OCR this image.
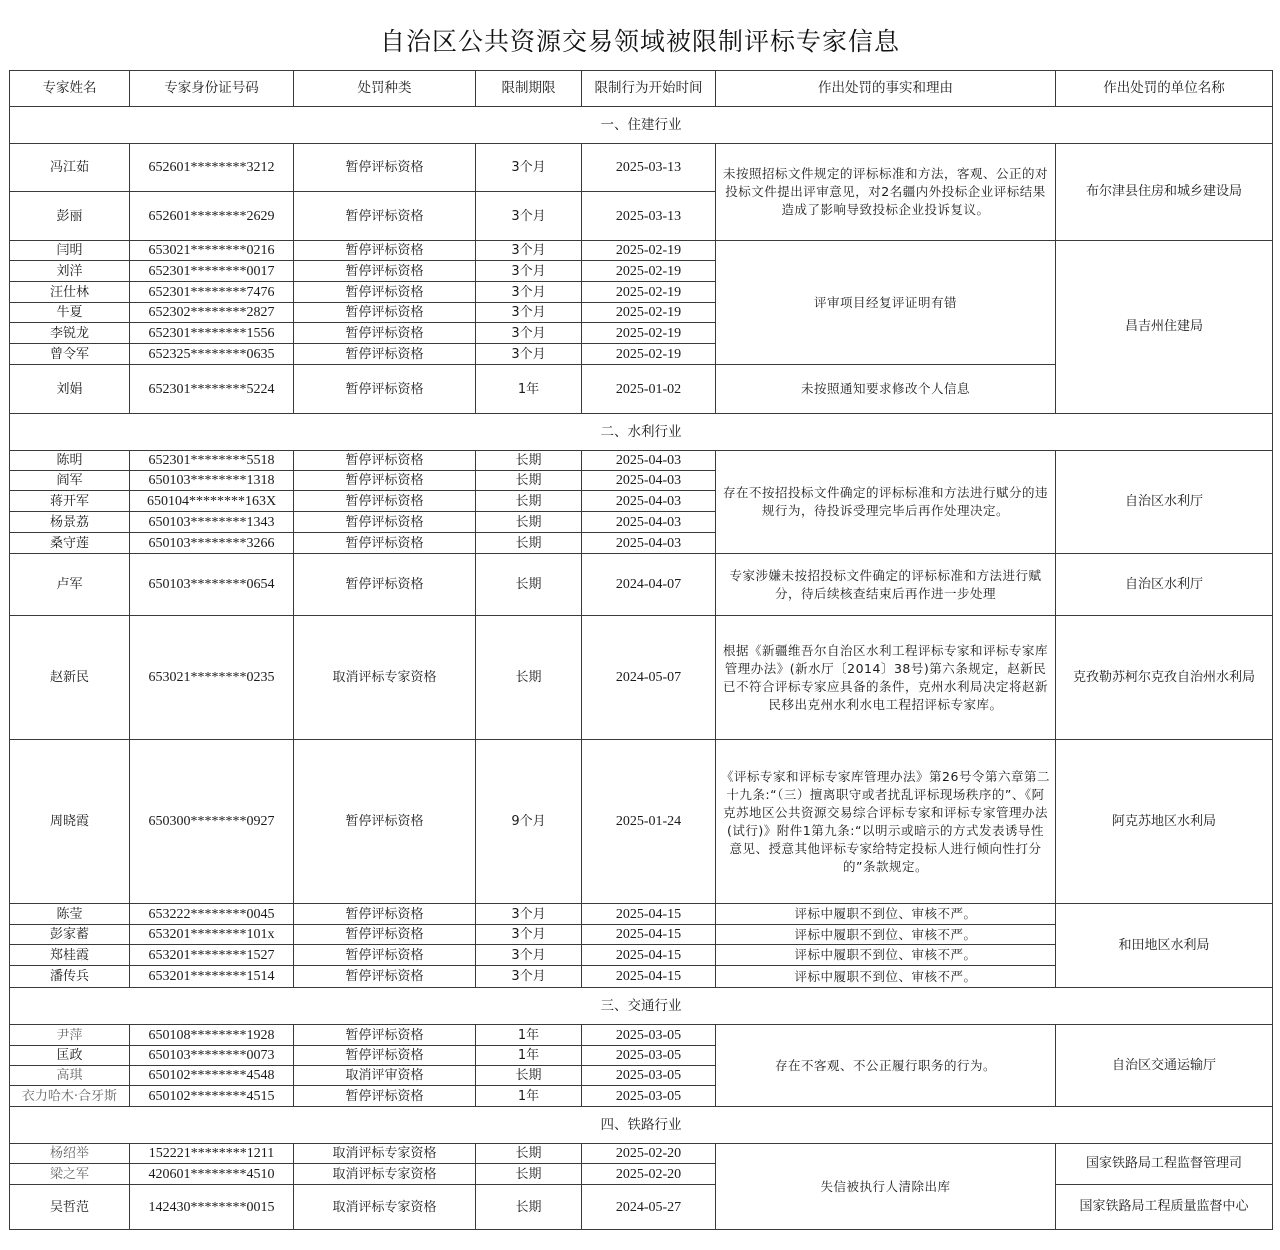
自治区公共资源交易领域被限制评标专家信息
专家姓名	专家身份证号码	处罚种类	限制期限	限制行为开始时间	作出处罚的事实和理由	作出处罚的单位名称
一、住建行业						
冯江茹	652601********3212	暂停评标资格	3个月	2025-03-13	未按照招标文件规定的评标标准和方法，客观、公正的对投标文件提出评审意见，对2名疆内外投标企业评标结果造成了影响导致投标企业投诉复议。	布尔津县住房和城乡建设局
彭丽	652601********2629	暂停评标资格	3个月	2025-03-13		
闫明	653021********0216	暂停评标资格	3个月	2025-02-19	评审项目经复评证明有错	昌吉州住建局
刘洋	652301********0017	暂停评标资格	3个月	2025-02-19		
汪仕林	652301********7476	暂停评标资格	3个月	2025-02-19		
牛夏	652302********2827	暂停评标资格	3个月	2025-02-19		
李锐龙	652301********1556	暂停评标资格	3个月	2025-02-19		
曾令军	652325********0635	暂停评标资格	3个月	2025-02-19		
刘娟	652301********5224	暂停评标资格	1年	2025-01-02	未按照通知要求修改个人信息	
二、水利行业						
陈明	652301********5518	暂停评标资格	长期	2025-04-03	存在不按招投标文件确定的评标标准和方法进行赋分的违规行为，待投诉受理完毕后再作处理决定。	自治区水利厅
阎军	650103********1318	暂停评标资格	长期	2025-04-03		
蒋开军	650104********163X	暂停评标资格	长期	2025-04-03		
杨景荔	650103********1343	暂停评标资格	长期	2025-04-03		
桑守莲	650103********3266	暂停评标资格	长期	2025-04-03		
卢军	650103********0654	暂停评标资格	长期	2024-04-07	专家涉嫌未按招投标文件确定的评标标准和方法进行赋分，待后续核查结束后再作进一步处理	自治区水利厅
赵新民	653021********0235	取消评标专家资格	长期	2024-05-07	根据《新疆维吾尔自治区水利工程评标专家和评标专家库管理办法》(新水厅〔2014〕38号)第六条规定，赵新民已不符合评标专家应具备的条件，克州水利局决定将赵新民移出克州水利水电工程招评标专家库。	克孜勒苏柯尔克孜自治州水利局
周晓霞	650300********0927	暂停评标资格	9个月	2025-01-24	《评标专家和评标专家库管理办法》第26号令第六章第二十九条:“（三）擅离职守或者扰乱评标现场秩序的”、《阿克苏地区公共资源交易综合评标专家和评标专家管理办法(试行)》附件1第九条:“以明示或暗示的方式发表诱导性意见、授意其他评标专家给特定投标人进行倾向性打分的”条款规定。	阿克苏地区水利局
陈莹	653222********0045	暂停评标资格	3个月	2025-04-15	评标中履职不到位、审核不严。	和田地区水利局
彭家蓄	653201********101x	暂停评标资格	3个月	2025-04-15	评标中履职不到位、审核不严。	
郑桂霞	653201********1527	暂停评标资格	3个月	2025-04-15	评标中履职不到位、审核不严。	
潘传兵	653201********1514	暂停评标资格	3个月	2025-04-15	评标中履职不到位、审核不严。	
三、交通行业						
尹萍	650108********1928	暂停评标资格	1年	2025-03-05	存在不客观、不公正履行职务的行为。	自治区交通运输厅
匡政	650103********0073	暂停评标资格	1年	2025-03-05		
高琪	650102********4548	取消评审资格	长期	2025-03-05		
衣力哈木·合牙斯	650102********4515	暂停评标资格	1年	2025-03-05		
四、铁路行业						
杨绍举	152221********1211	取消评标专家资格	长期	2025-02-20	失信被执行人清除出库	国家铁路局工程监督管理司
梁之军	420601********4510	取消评标专家资格	长期	2025-02-20		
吴哲范	142430********0015	取消评标专家资格	长期	2024-05-27		国家铁路局工程质量监督中心
